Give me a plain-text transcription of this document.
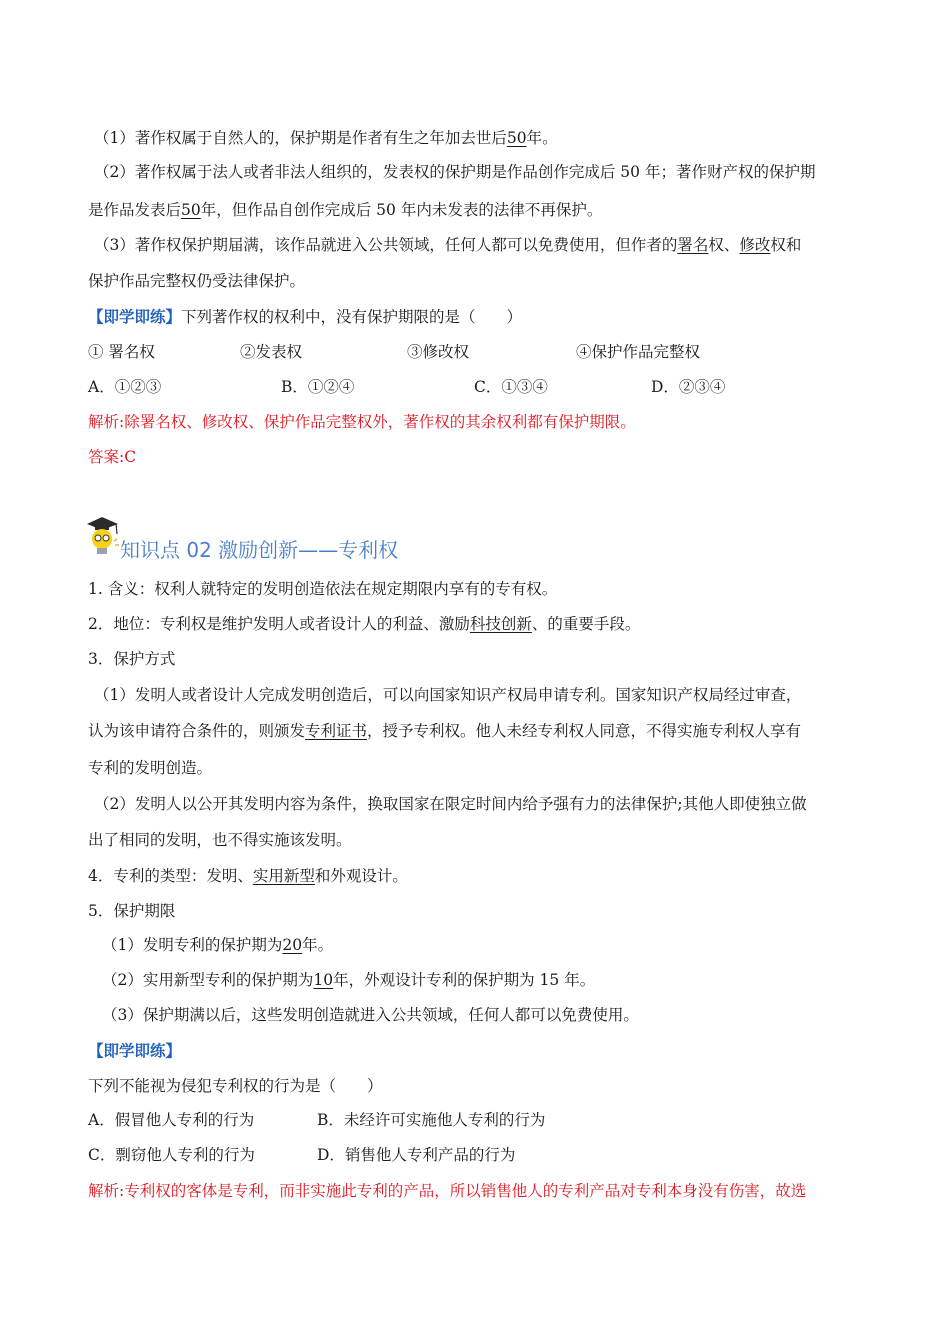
（1）著作权属于自然人的，保护期是作者有生之年加去世后50年。
（2）著作权属于法人或者非法人组织的，发表权的保护期是作品创作完成后 50 年；著作财产权的保护期
是作品发表后50年，但作品自创作完成后 50 年内未发表的法律不再保护。
（3）著作权保护期届满，该作品就进入公共领域，任何人都可以免费使用，但作者的署名权、修改权和
保护作品完整权仍受法律保护。
【即学即练】下列著作权的权利中，没有保护期限的是（　　）
① 署名权	②发表权	③修改权	④保护作品完整权
A．①②③	B．①②④	C．①③④	D．②③④
解析:除署名权、修改权、保护作品完整权外，著作权的其余权利都有保护期限。
答案:C
知识点 02 激励创新——专利权
1. 含义：权利人就特定的发明创造依法在规定期限内享有的专有权。
2．地位：专利权是维护发明人或者设计人的利益、激励科技创新、的重要手段。
3．保护方式
（1）发明人或者设计人完成发明创造后，可以向国家知识产权局申请专利。国家知识产权局经过审查，
认为该申请符合条件的，则颁发专利证书，授予专利权。他人未经专利权人同意，不得实施专利权人享有
专利的发明创造。
（2）发明人以公开其发明内容为条件，换取国家在限定时间内给予强有力的法律保护;其他人即使独立做
出了相同的发明，也不得实施该发明。
4．专利的类型：发明、实用新型和外观设计。
5．保护期限
（1）发明专利的保护期为20年。
（2）实用新型专利的保护期为10年，外观设计专利的保护期为 15 年。
（3）保护期满以后，这些发明创造就进入公共领域，任何人都可以免费使用。
【即学即练】
下列不能视为侵犯专利权的行为是（　　）
A．假冒他人专利的行为	B．未经许可实施他人专利的行为
C．剽窃他人专利的行为	D．销售他人专利产品的行为
解析:专利权的客体是专利，而非实施此专利的产品，所以销售他人的专利产品对专利本身没有伤害，故选
